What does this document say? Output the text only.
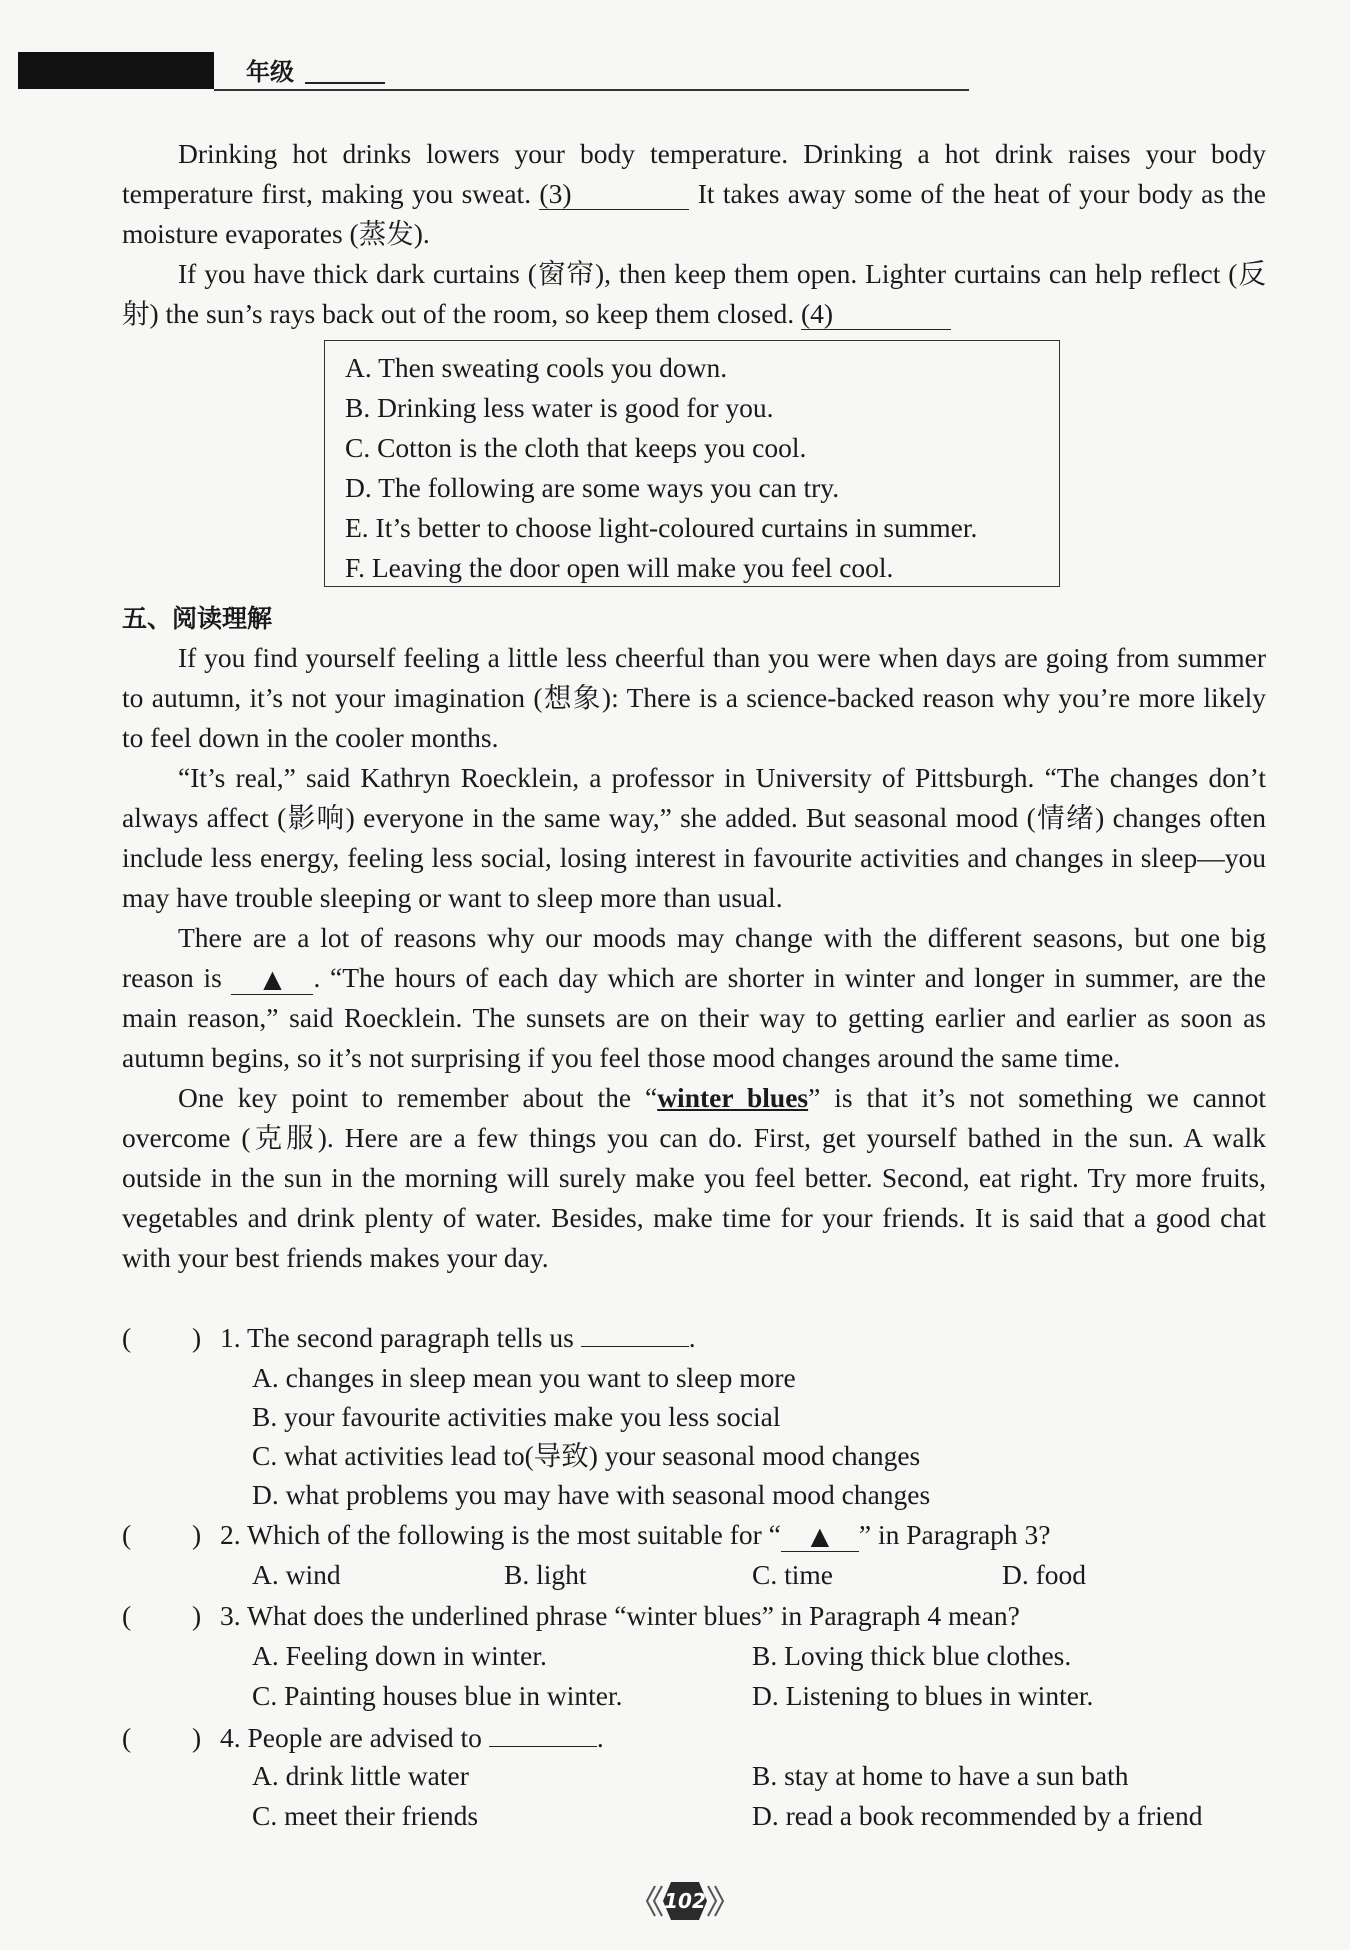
年级

Drinking hot drinks lowers your body temperature. Drinking a hot drink raises your body temperature first, making you sweat. (3)	It takes away some of the heat of your body as the moisture evaporates (蒸发).

If you have thick dark curtains (窗帘), then keep them open. Lighter curtains can help reflect (反射) the sun’s rays back out of the room, so keep them closed. (4)

A. Then sweating cools you down.
B. Drinking less water is good for you.
C. Cotton is the cloth that keeps you cool.
D. The following are some ways you can try.
E. It’s better to choose light-coloured curtains in summer.
F. Leaving the door open will make you feel cool.
五、阅读理解

If you find yourself feeling a little less cheerful than you were when days are going from summer to autumn, it’s not your imagination (想象): There is a science-backed reason why you’re more likely to feel down in the cooler months.

“It’s real,” said Kathryn Roecklein, a professor in University of Pittsburgh. “The changes don’t always affect (影响) everyone in the same way,” she added. But seasonal mood (情绪) changes often include less energy, feeling less social, losing interest in favourite activities and changes in sleep—you may have trouble sleeping or want to sleep more than usual.

There are a lot of reasons why our moods may change with the different seasons, but one big reason is ▲ . “The hours of each day which are shorter in winter and longer in summer, are the main reason,” said Roecklein. The sunsets are on their way to getting earlier and earlier as soon as autumn begins, so it’s not surprising if you feel those mood changes around the same time.

One key point to remember about the “winter blues” is that it’s not something we cannot overcome (克服). Here are a few things you can do. First, get yourself bathed in the sun. A walk outside in the sun in the morning will surely make you feel better. Second, eat right. Try more fruits, vegetables and drink plenty of water. Besides, make time for your friends. It is said that a good chat with your best friends makes your day.

( ) 1. The second paragraph tells us	.
A. changes in sleep mean you want to sleep more
B. your favourite activities make you less social
C. what activities lead to(导致) your seasonal mood changes
D. what problems you may have with seasonal mood changes
( ) 2. Which of the following is the most suitable for “ ▲ ” in Paragraph 3?
A. wind	B. light	C. time	D. food
( ) 3. What does the underlined phrase “winter blues” in Paragraph 4 mean?
A. Feeling down in winter.	B. Loving thick blue clothes.
C. Painting houses blue in winter.	D. Listening to blues in winter.
( ) 4. People are advised to	.
A. drink little water	B. stay at home to have a sun bath
C. meet their friends	D. read a book recommended by a friend
102
